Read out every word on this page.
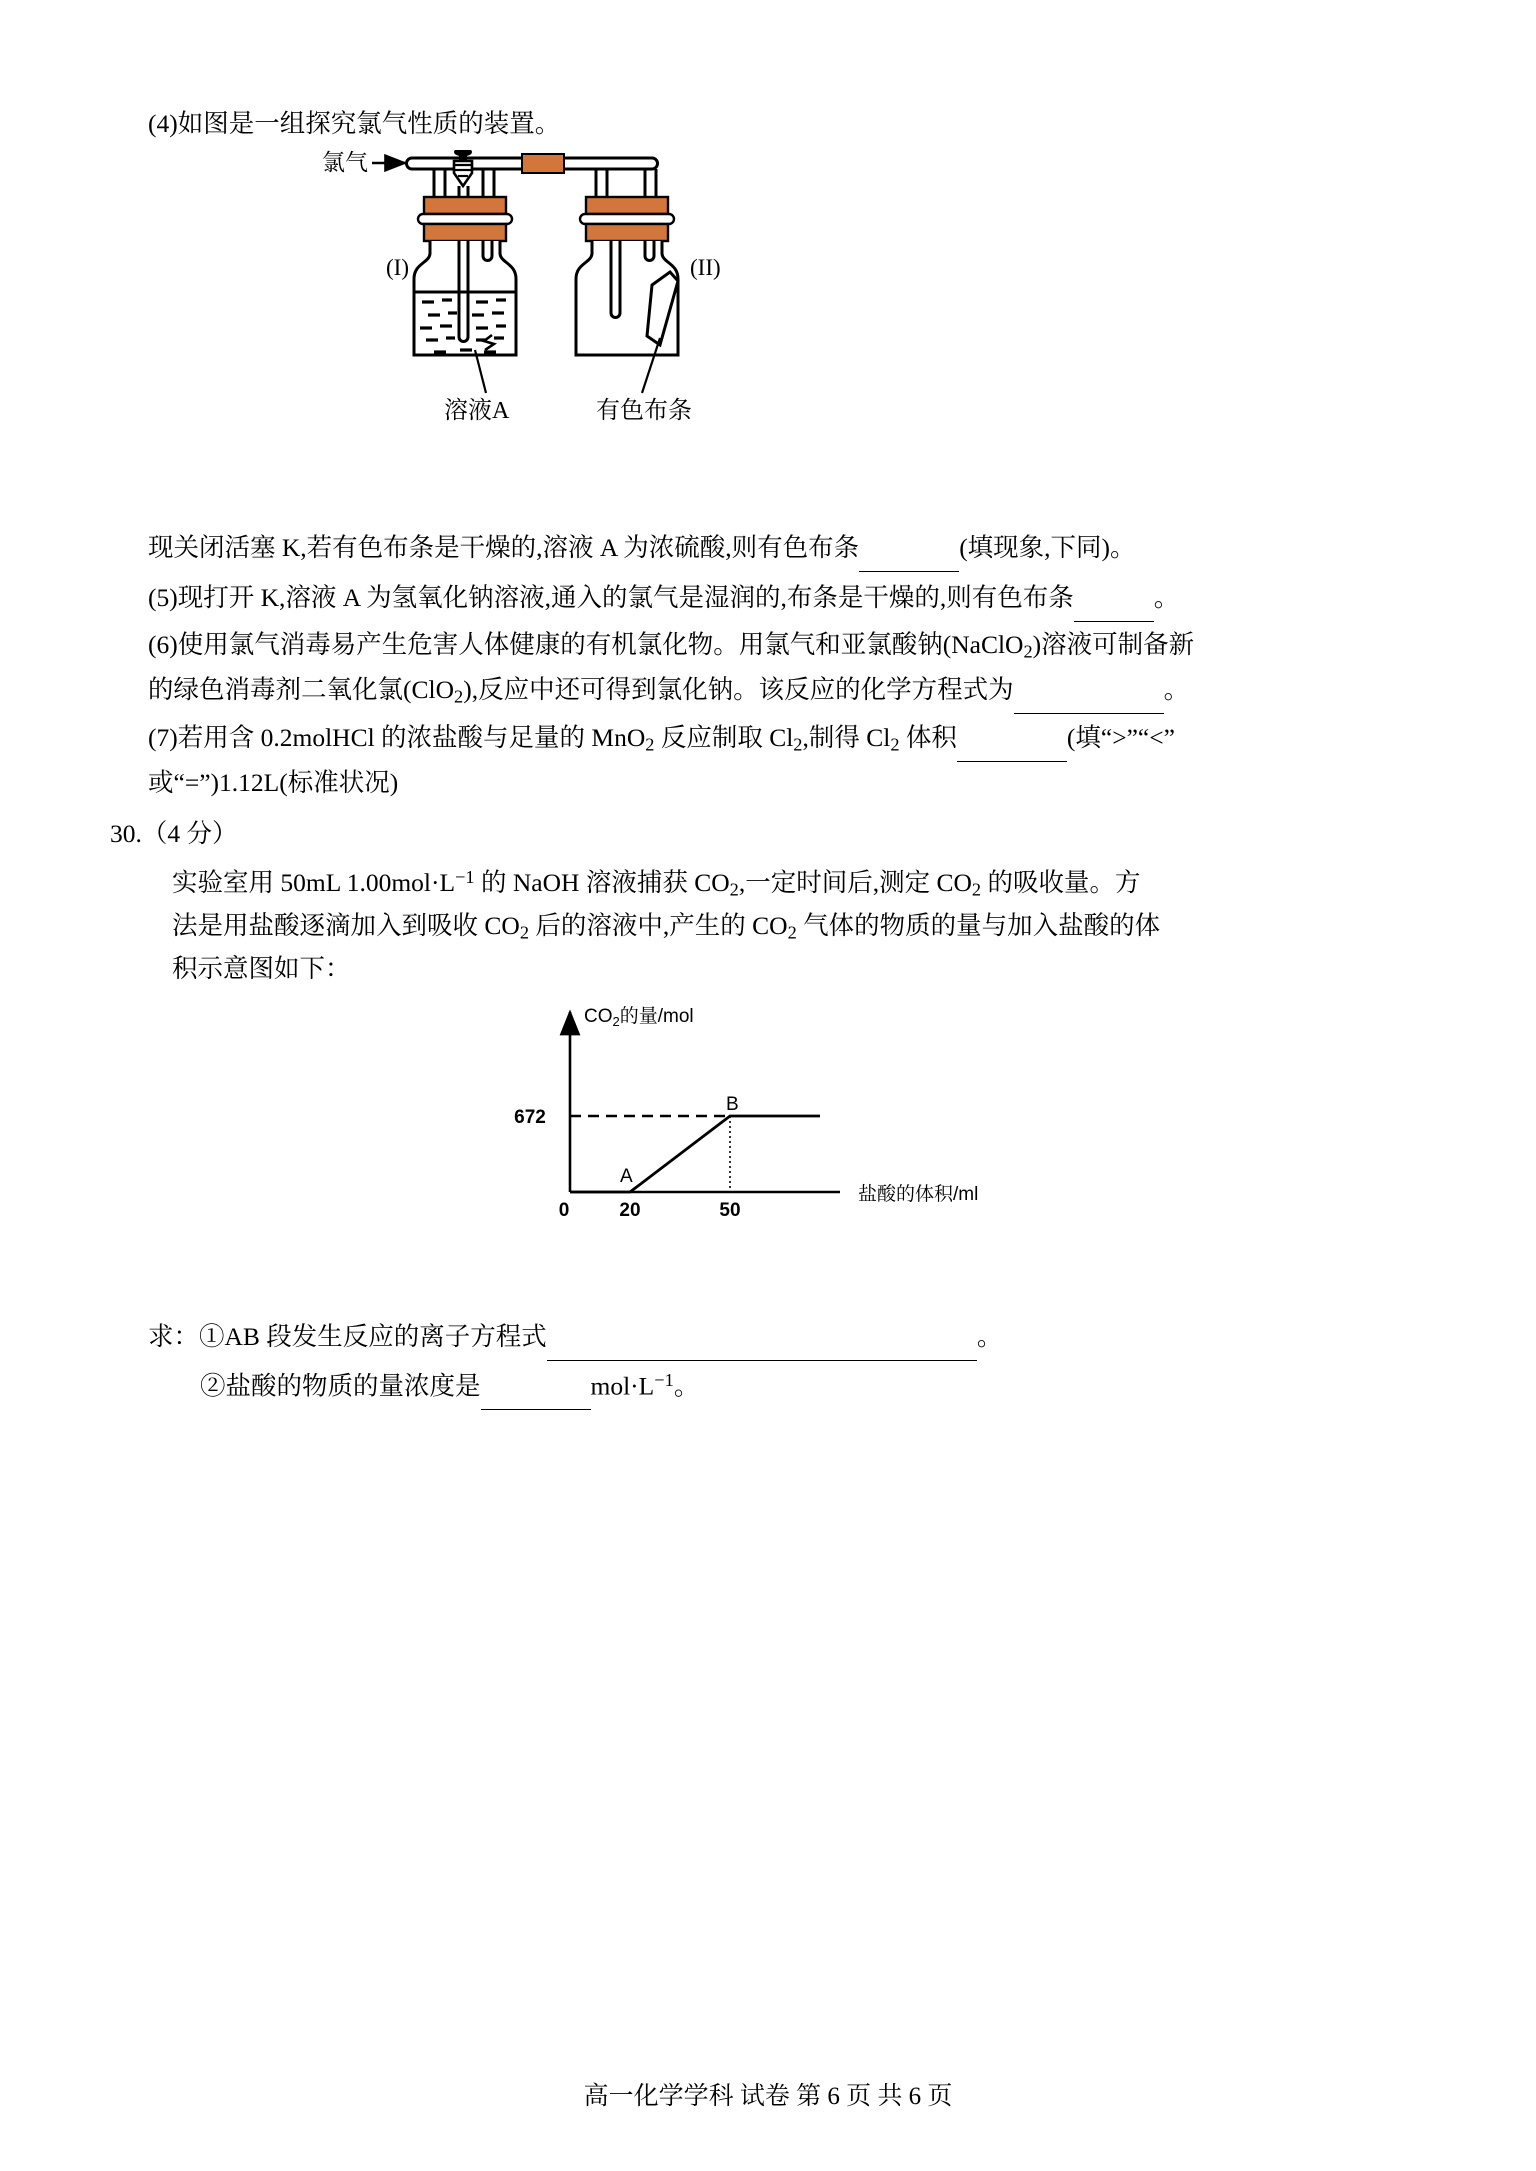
(4)如图是一组探究氯气性质的装置。
氯气
(I)	(II)
溶液A	有色布条
现关闭活塞 K,若有色布条是干燥的,溶液 A 为浓硫酸,则有色布条	(填现象,下同)。
(5)现打开 K,溶液 A 为氢氧化钠溶液,通入的氯气是湿润的,布条是干燥的,则有色布条	。
(6)使用氯气消毒易产生危害人体健康的有机氯化物。用氯气和亚氯酸钠(NaClO$_2$)溶液可制备新
的绿色消毒剂二氧化氯(ClO$_2$),反应中还可得到氯化钠。该反应的化学方程式为	。
(7)若用含 0.2molHCl 的浓盐酸与足量的 MnO$_2$ 反应制取 $Cl_2$,制得 $Cl_2$ 体积	(填“>”“<”
或“=”)1.12L(标准状况)
30.（4 分）
实验室用 50mL $1.00mol\cdot L^{-1}$ 的 NaOH 溶液捕获 $CO_2$,一定时间后,测定 $CO_2$ 的吸收量。方
法是用盐酸逐滴加入到吸收 $CO_2$ 后的溶液中,产生的 $CO_2$ 气体的物质的量与加入盐酸的体
积示意图如下：
$CO_2$的量/mol
盐酸的体积/ml
672
A
B
0	20	50
求：①AB 段发生反应的离子方程式	。
②盐酸的物质的量浓度是	$mol\cdot L^{-1}$。
高一化学学科 试卷 第 6 页 共 6 页
